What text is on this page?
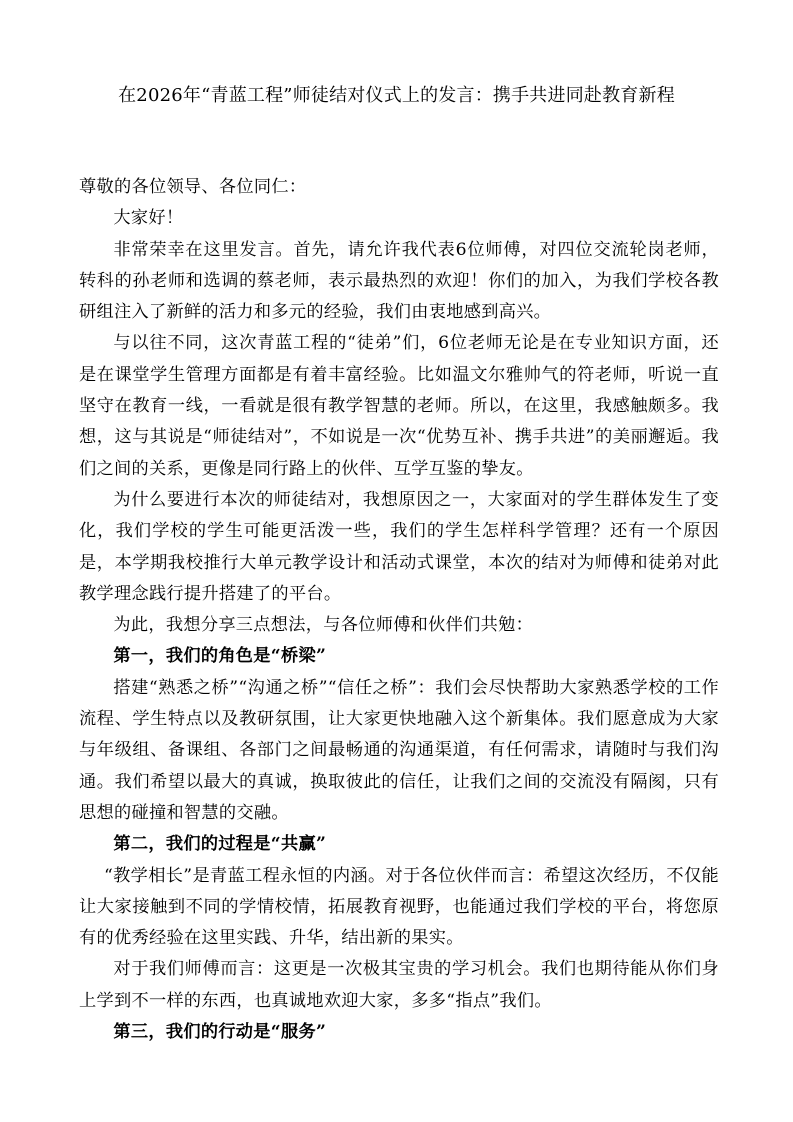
在2026年“青蓝工程”师徒结对仪式上的发言：携手共进同赴教育新程

尊敬的各位领导、各位同仁：

大家好！

非常荣幸在这里发言。首先，请允许我代表6位师傅，对四位交流轮岗老师，转科的孙老师和选调的蔡老师，表示最热烈的欢迎！你们的加入，为我们学校各教研组注入了新鲜的活力和多元的经验，我们由衷地感到高兴。

与以往不同，这次青蓝工程的“徒弟”们，6位老师无论是在专业知识方面，还是在课堂学生管理方面都是有着丰富经验。比如温文尔雅帅气的符老师，听说一直坚守在教育一线，一看就是很有教学智慧的老师。所以，在这里，我感触颇多。我想，这与其说是“师徒结对”，不如说是一次“优势互补、携手共进”的美丽邂逅。我们之间的关系，更像是同行路上的伙伴、互学互鉴的挚友。

为什么要进行本次的师徒结对，我想原因之一，大家面对的学生群体发生了变化，我们学校的学生可能更活泼一些，我们的学生怎样科学管理？还有一个原因是，本学期我校推行大单元教学设计和活动式课堂，本次的结对为师傅和徒弟对此教学理念践行提升搭建了的平台。

为此，我想分享三点想法，与各位师傅和伙伴们共勉：

第一，我们的角色是“桥梁”

搭建“熟悉之桥”“沟通之桥”“信任之桥”：我们会尽快帮助大家熟悉学校的工作流程、学生特点以及教研氛围，让大家更快地融入这个新集体。我们愿意成为大家与年级组、备课组、各部门之间最畅通的沟通渠道，有任何需求，请随时与我们沟通。我们希望以最大的真诚，换取彼此的信任，让我们之间的交流没有隔阂，只有思想的碰撞和智慧的交融。

第二，我们的过程是“共赢”

“教学相长”是青蓝工程永恒的内涵。对于各位伙伴而言：希望这次经历，不仅能让大家接触到不同的学情校情，拓展教育视野，也能通过我们学校的平台，将您原有的优秀经验在这里实践、升华，结出新的果实。

对于我们师傅而言：这更是一次极其宝贵的学习机会。我们也期待能从你们身上学到不一样的东西，也真诚地欢迎大家，多多“指点”我们。

第三，我们的行动是“服务”
